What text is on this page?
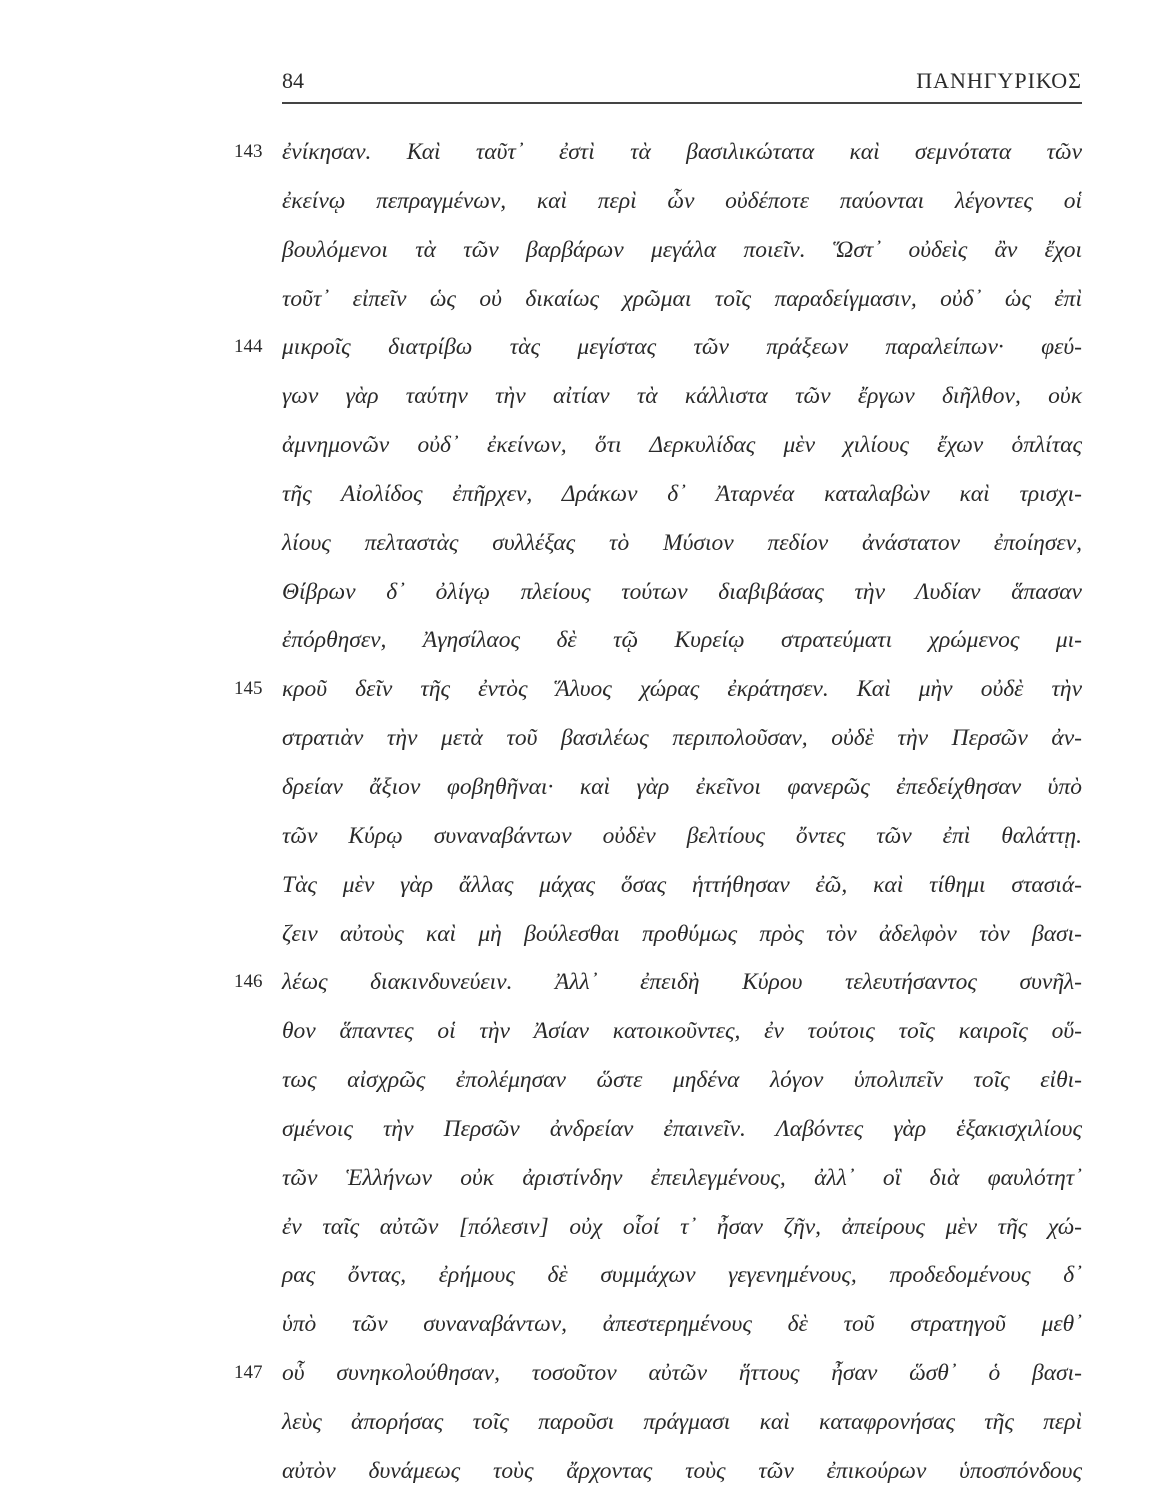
84	ΠΑΝΗΓΥΡΙΚΟΣ
143 ἐνίκησαν. Καὶ ταῦτ᾽ ἐστὶ τὰ βασιλικώτατα καὶ σεμνότατα τῶν
ἐκείνῳ πεπραγμένων, καὶ περὶ ὧν οὐδέποτε παύονται λέγοντες οἱ
βουλόμενοι τὰ τῶν βαρβάρων μεγάλα ποιεῖν. Ὥστ᾽ οὐδεὶς ἂν ἔχοι
τοῦτ᾽ εἰπεῖν ὡς οὐ δικαίως χρῶμαι τοῖς παραδείγμασιν, οὐδ᾽ ὡς ἐπὶ
144 μικροῖς διατρίβω τὰς μεγίστας τῶν πράξεων παραλείπων· φεύ-
γων γὰρ ταύτην τὴν αἰτίαν τὰ κάλλιστα τῶν ἔργων διῆλθον, οὐκ
ἀμνημονῶν οὐδ᾽ ἐκείνων, ὅτι Δερκυλίδας μὲν χιλίους ἔχων ὁπλίτας
τῆς Αἰολίδος ἐπῆρχεν, Δράκων δ᾽ Ἀταρνέα καταλαβὼν καὶ τρισχι-
λίους πελταστὰς συλλέξας τὸ Μύσιον πεδίον ἀνάστατον ἐποίησεν,
Θίβρων δ᾽ ὀλίγῳ πλείους τούτων διαβιβάσας τὴν Λυδίαν ἅπασαν
ἐπόρθησεν, Ἀγησίλαος δὲ τῷ Κυρείῳ στρατεύματι χρώμενος μι-
145 κροῦ δεῖν τῆς ἐντὸς Ἅλυος χώρας ἐκράτησεν. Καὶ μὴν οὐδὲ τὴν
στρατιὰν τὴν μετὰ τοῦ βασιλέως περιπολοῦσαν, οὐδὲ τὴν Περσῶν ἀν-
δρείαν ἄξιον φοβηθῆναι· καὶ γὰρ ἐκεῖνοι φανερῶς ἐπεδείχθησαν ὑπὸ
τῶν Κύρῳ συναναβάντων οὐδὲν βελτίους ὄντες τῶν ἐπὶ θαλάττῃ.
Τὰς μὲν γὰρ ἄλλας μάχας ὅσας ἡττήθησαν ἐῶ, καὶ τίθημι στασιά-
ζειν αὐτοὺς καὶ μὴ βούλεσθαι προθύμως πρὸς τὸν ἀδελφὸν τὸν βασι-
146 λέως διακινδυνεύειν. Ἀλλ᾽ ἐπειδὴ Κύρου τελευτήσαντος συνῆλ-
θον ἅπαντες οἱ τὴν Ἀσίαν κατοικοῦντες, ἐν τούτοις τοῖς καιροῖς οὕ-
τως αἰσχρῶς ἐπολέμησαν ὥστε μηδένα λόγον ὑπολιπεῖν τοῖς εἰθι-
σμένοις τὴν Περσῶν ἀνδρείαν ἐπαινεῖν. Λαβόντες γὰρ ἑξακισχιλίους
τῶν Ἑλλήνων οὐκ ἀριστίνδην ἐπειλεγμένους, ἀλλ᾽ οἳ διὰ φαυλότητ᾽
ἐν ταῖς αὐτῶν [πόλεσιν] οὐχ οἷοί τ᾽ ἦσαν ζῆν, ἀπείρους μὲν τῆς χώ-
ρας ὄντας, ἐρήμους δὲ συμμάχων γεγενημένους, προδεδομένους δ᾽
ὑπὸ τῶν συναναβάντων, ἀπεστερημένους δὲ τοῦ στρατηγοῦ μεθ᾽
147 οὗ συνηκολούθησαν, τοσοῦτον αὐτῶν ἥττους ἦσαν ὥσθ᾽ ὁ βασι-
λεὺς ἀπορήσας τοῖς παροῦσι πράγμασι καὶ καταφρονήσας τῆς περὶ
αὐτὸν δυνάμεως τοὺς ἄρχοντας τοὺς τῶν ἐπικούρων ὑποσπόνδους
